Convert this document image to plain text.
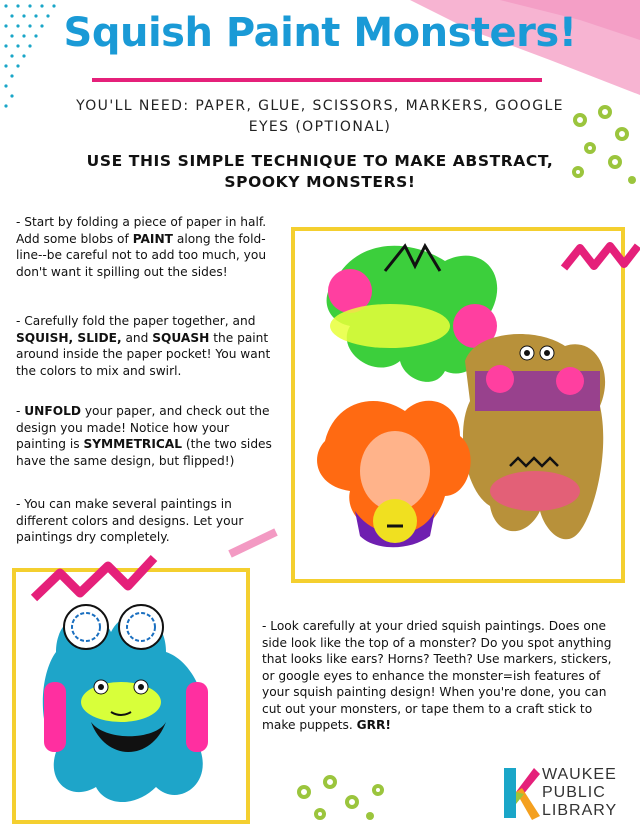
Squish Paint Monsters!
YOU'LL NEED: PAPER, GLUE, SCISSORS, MARKERS, GOOGLE EYES (OPTIONAL)
USE THIS SIMPLE TECHNIQUE TO MAKE ABSTRACT, SPOOKY MONSTERS!
- Start by folding a piece of paper in half. Add some blobs of PAINT along the fold-line--be careful not to add too much, you don't want it spilling out the sides!
- Carefully fold the paper together, and SQUISH, SLIDE, and SQUASH the paint around inside the paper pocket! You want the colors to mix and swirl.
- UNFOLD your paper, and check out the design you made! Notice how your painting is SYMMETRICAL (the two sides have the same design, but flipped!)
- You can make several paintings in different colors and designs. Let your paintings dry completely.
- Look carefully at your dried squish paintings. Does one side look like the top of a monster? Do you spot anything that looks like ears? Horns? Teeth? Use markers, stickers, or google eyes to enhance the monster=ish features of your squish painting design! When you're done, you can cut out your monsters, or tape them to a craft stick to make puppets. GRR!
WAUKEE
PUBLIC
LIBRARY
